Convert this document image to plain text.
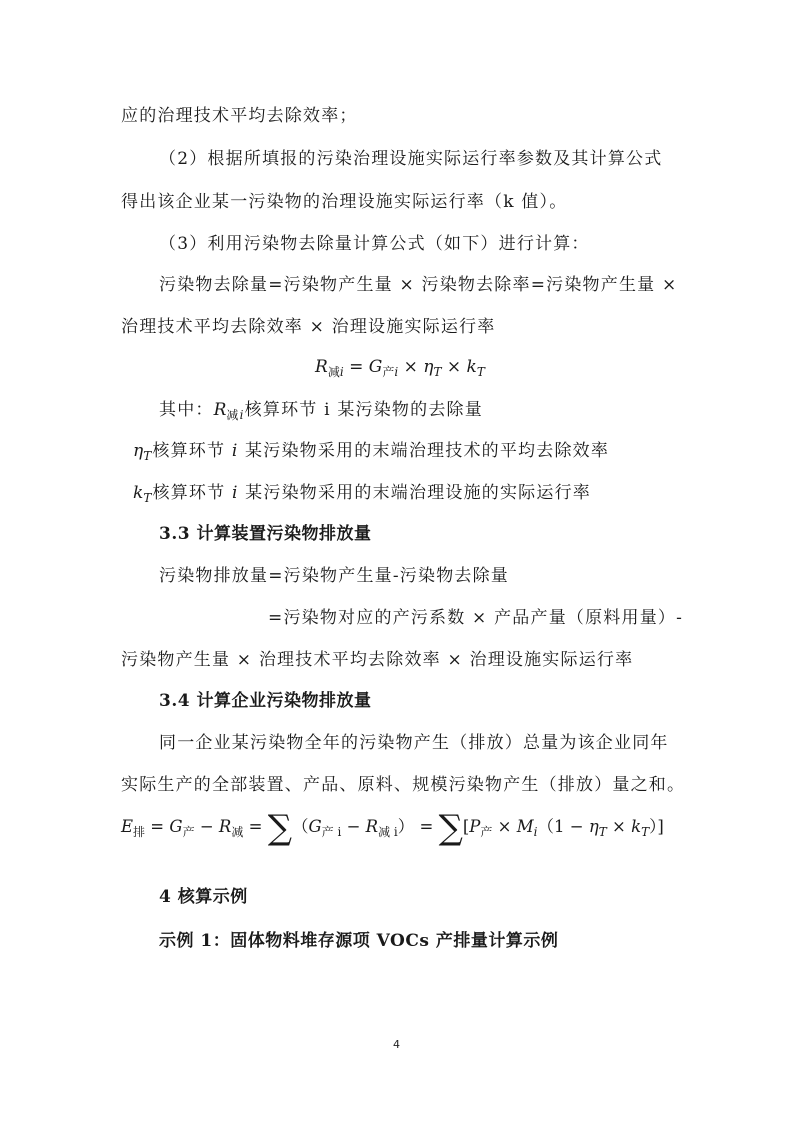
应的治理技术平均去除效率；
（2）根据所填报的污染治理设施实际运行率参数及其计算公式
得出该企业某一污染物的治理设施实际运行率（k 值）。
（3）利用污染物去除量计算公式（如下）进行计算：
污染物去除量=污染物产生量 × 污染物去除率=污染物产生量 ×
治理技术平均去除效率 × 治理设施实际运行率
$R_{减i} = G_{产i} \times \eta_T \times k_T$
其中：$R_{减i}$核算环节 i 某污染物的去除量
$\eta_T$核算环节 i 某污染物采用的末端治理技术的平均去除效率
$k_T$核算环节 i 某污染物采用的末端治理设施的实际运行率
3.3 计算装置污染物排放量
污染物排放量=污染物产生量-污染物去除量
=污染物对应的产污系数 × 产品产量（原料用量）-
污染物产生量 × 治理技术平均去除效率 × 治理设施实际运行率
3.4 计算企业污染物排放量
同一企业某污染物全年的污染物产生（排放）总量为该企业同年
实际生产的全部装置、产品、原料、规模污染物产生（排放）量之和。
$E_排 = G_产 - R_减 = \sum(G_{产 i} - R_{减 i}) = \sum[P_产 \times M_i(1 - \eta_T \times k_T)]$
4 核算示例
示例 1：固体物料堆存源项 VOCs 产排量计算示例
4
